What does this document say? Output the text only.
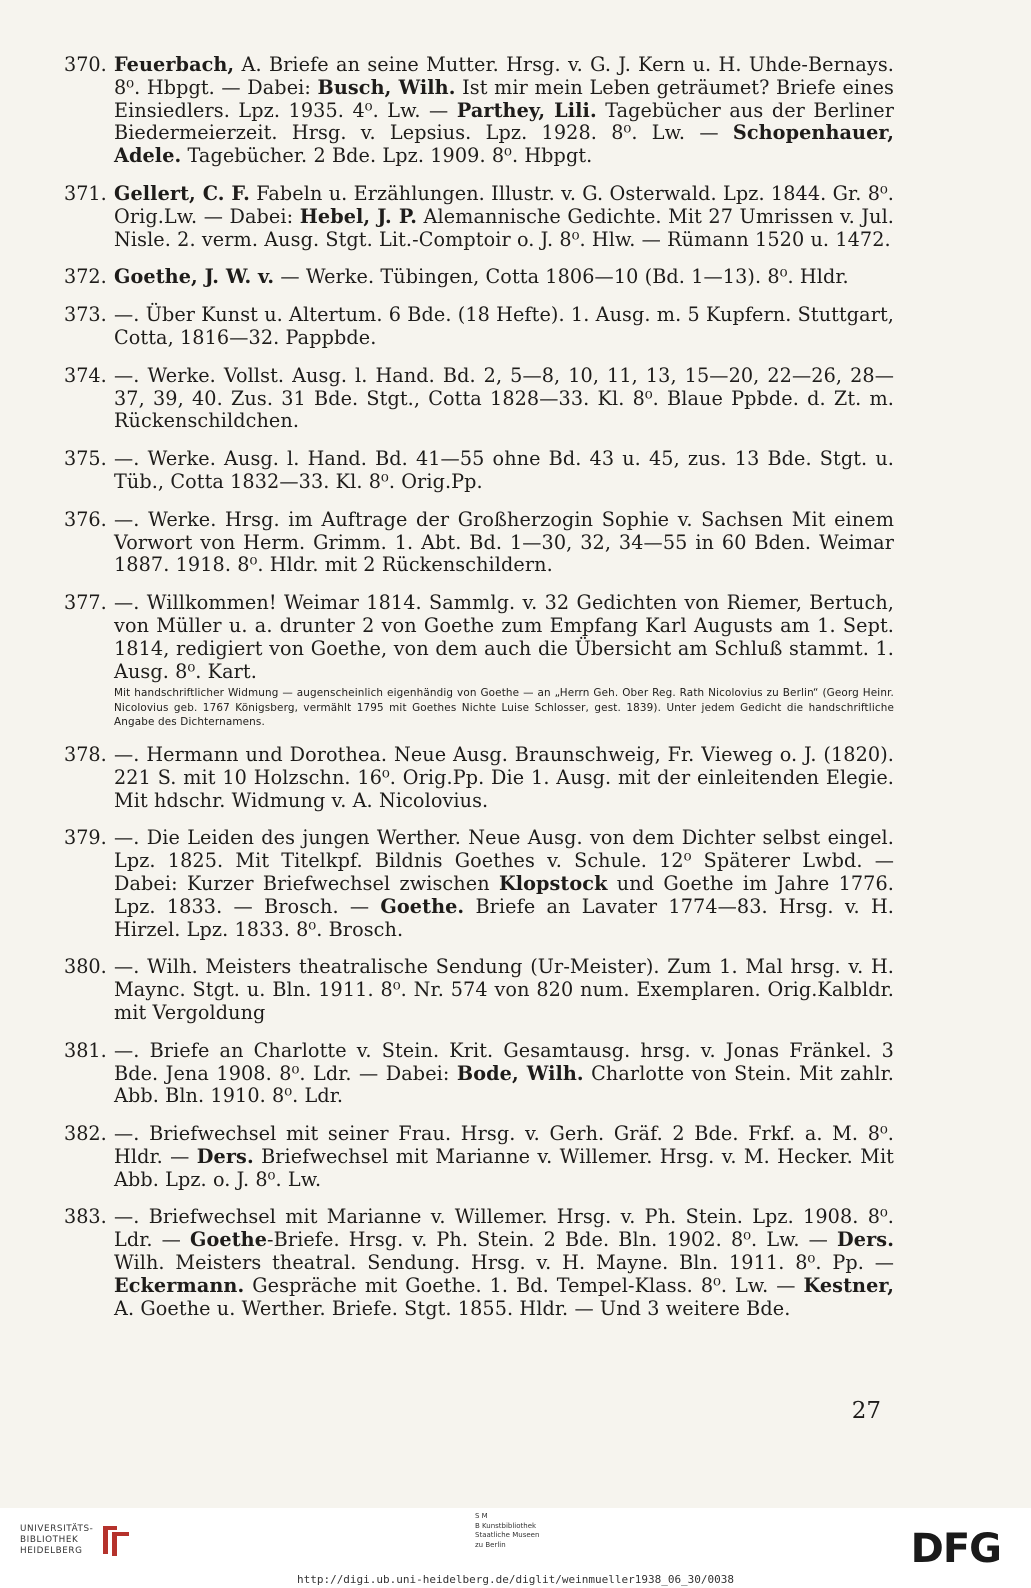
370. Feuerbach, A. Briefe an seine Mutter. Hrsg. v. G. J. Kern u. H. Uhde-Bernays. 8⁰. Hbpgt. — Dabei: Busch, Wilh. Ist mir mein Leben geträumet? Briefe eines Einsiedlers. Lpz. 1935. 4⁰. Lw. — Parthey, Lili. Tagebücher aus der Berliner Biedermeierzeit. Hrsg. v. Lepsius. Lpz. 1928. 8⁰. Lw. — Schopenhauer, Adele. Tagebücher. 2 Bde. Lpz. 1909. 8⁰. Hbpgt.
371. Gellert, C. F. Fabeln u. Erzählungen. Illustr. v. G. Osterwald. Lpz. 1844. Gr. 8⁰. Orig.Lw. — Dabei: Hebel, J. P. Alemannische Gedichte. Mit 27 Umrissen v. Jul. Nisle. 2. verm. Ausg. Stgt. Lit.-Comptoir o. J. 8⁰. Hlw. — Rümann 1520 u. 1472.
372. Goethe, J. W. v. — Werke. Tübingen, Cotta 1806—10 (Bd. 1—13). 8⁰. Hldr.
373. —. Über Kunst u. Altertum. 6 Bde. (18 Hefte). 1. Ausg. m. 5 Kupfern. Stuttgart, Cotta, 1816—32. Pappbde.
374. —. Werke. Vollst. Ausg. l. Hand. Bd. 2, 5—8, 10, 11, 13, 15—20, 22—26, 28—37, 39, 40. Zus. 31 Bde. Stgt., Cotta 1828—33. Kl. 8⁰. Blaue Ppbde. d. Zt. m. Rückenschildchen.
375. —. Werke. Ausg. l. Hand. Bd. 41—55 ohne Bd. 43 u. 45, zus. 13 Bde. Stgt. u. Tüb., Cotta 1832—33. Kl. 8⁰. Orig.Pp.
376. —. Werke. Hrsg. im Auftrage der Großherzogin Sophie v. Sachsen Mit einem Vorwort von Herm. Grimm. 1. Abt. Bd. 1—30, 32, 34—55 in 60 Bden. Weimar 1887. 1918. 8⁰. Hldr. mit 2 Rückenschildern.
377. —. Willkommen! Weimar 1814. Sammlg. v. 32 Gedichten von Riemer, Bertuch, von Müller u. a. drunter 2 von Goethe zum Empfang Karl Augusts am 1. Sept. 1814, redigiert von Goethe, von dem auch die Übersicht am Schluß stammt. 1. Ausg. 8⁰. Kart.
Mit handschriftlicher Widmung — augenscheinlich eigenhändig von Goethe — an „Herrn Geh. Ober Reg. Rath Nicolovius zu Berlin“ (Georg Heinr. Nicolovius geb. 1767 Königsberg, vermählt 1795 mit Goethes Nichte Luise Schlosser, gest. 1839). Unter jedem Gedicht die handschriftliche Angabe des Dichternamens.
378. —. Hermann und Dorothea. Neue Ausg. Braunschweig, Fr. Vieweg o. J. (1820). 221 S. mit 10 Holzschn. 16⁰. Orig.Pp. Die 1. Ausg. mit der einleitenden Elegie. Mit hdschr. Widmung v. A. Nicolovius.
379. —. Die Leiden des jungen Werther. Neue Ausg. von dem Dichter selbst eingel. Lpz. 1825. Mit Titelkpf. Bildnis Goethes v. Schule. 12⁰ Späterer Lwbd. — Dabei: Kurzer Briefwechsel zwischen Klopstock und Goethe im Jahre 1776. Lpz. 1833. — Brosch. — Goethe. Briefe an Lavater 1774—83. Hrsg. v. H. Hirzel. Lpz. 1833. 8⁰. Brosch.
380. —. Wilh. Meisters theatralische Sendung (Ur-Meister). Zum 1. Mal hrsg. v. H. Maync. Stgt. u. Bln. 1911. 8⁰. Nr. 574 von 820 num. Exemplaren. Orig.Kalbldr. mit Vergoldung
381. —. Briefe an Charlotte v. Stein. Krit. Gesamtausg. hrsg. v. Jonas Fränkel. 3 Bde. Jena 1908. 8⁰. Ldr. — Dabei: Bode, Wilh. Charlotte von Stein. Mit zahlr. Abb. Bln. 1910. 8⁰. Ldr.
382. —. Briefwechsel mit seiner Frau. Hrsg. v. Gerh. Gräf. 2 Bde. Frkf. a. M. 8⁰. Hldr. — Ders. Briefwechsel mit Marianne v. Willemer. Hrsg. v. M. Hecker. Mit Abb. Lpz. o. J. 8⁰. Lw.
383. —. Briefwechsel mit Marianne v. Willemer. Hrsg. v. Ph. Stein. Lpz. 1908. 8⁰. Ldr. — Goethe-Briefe. Hrsg. v. Ph. Stein. 2 Bde. Bln. 1902. 8⁰. Lw. — Ders. Wilh. Meisters theatral. Sendung. Hrsg. v. H. Mayne. Bln. 1911. 8⁰. Pp. — Eckermann. Gespräche mit Goethe. 1. Bd. Tempel-Klass. 8⁰. Lw. — Kestner, A. Goethe u. Werther. Briefe. Stgt. 1855. Hldr. — Und 3 weitere Bde.
27
UNIVERSITÄTS-
BIBLIOTHEK
HEIDELBERG
S M
B Kunstbibliothek
Staatliche Museen
zu Berlin	DFG
http://digi.ub.uni-heidelberg.de/diglit/weinmueller1938_06_30/0038
